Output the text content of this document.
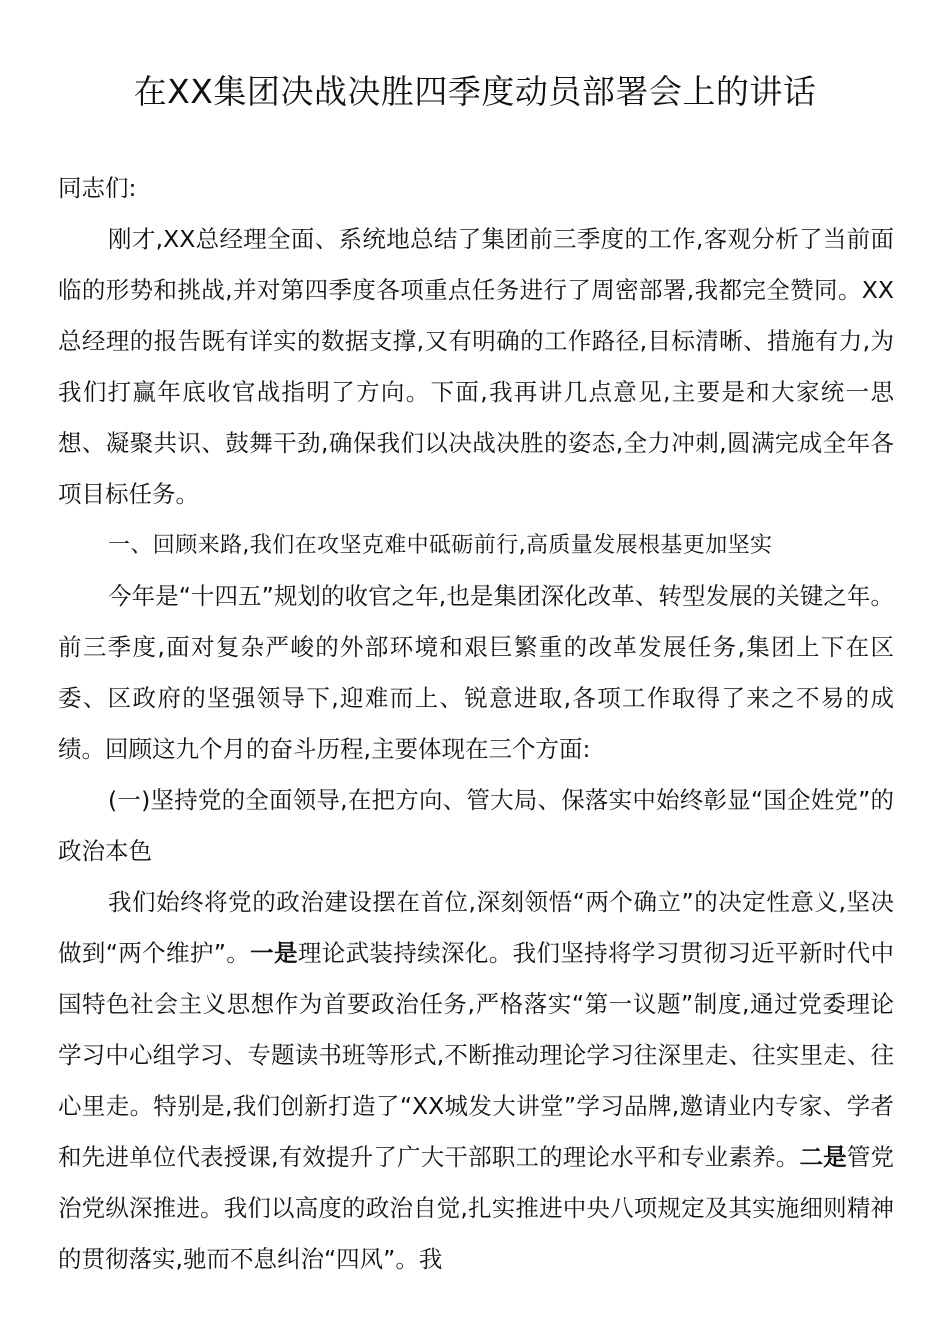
在XX集团决战决胜四季度动员部署会上的讲话

同志们:

刚才,XX总经理全面、系统地总结了集团前三季度的工作,客观分析了当前面临的形势和挑战,并对第四季度各项重点任务进行了周密部署,我都完全赞同。XX总经理的报告既有详实的数据支撑,又有明确的工作路径,目标清晰、措施有力,为我们打赢年底收官战指明了方向。下面,我再讲几点意见,主要是和大家统一思想、凝聚共识、鼓舞干劲,确保我们以决战决胜的姿态,全力冲刺,圆满完成全年各项目标任务。

一、回顾来路,我们在攻坚克难中砥砺前行,高质量发展根基更加坚实

今年是“十四五”规划的收官之年,也是集团深化改革、转型发展的关键之年。前三季度,面对复杂严峻的外部环境和艰巨繁重的改革发展任务,集团上下在区委、区政府的坚强领导下,迎难而上、锐意进取,各项工作取得了来之不易的成绩。回顾这九个月的奋斗历程,主要体现在三个方面:

(一)坚持党的全面领导,在把方向、管大局、保落实中始终彰显“国企姓党”的政治本色

我们始终将党的政治建设摆在首位,深刻领悟“两个确立”的决定性意义,坚决做到“两个维护”。一是理论武装持续深化。我们坚持将学习贯彻习近平新时代中国特色社会主义思想作为首要政治任务,严格落实“第一议题”制度,通过党委理论学习中心组学习、专题读书班等形式,不断推动理论学习往深里走、往实里走、往心里走。特别是,我们创新打造了“XX城发大讲堂”学习品牌,邀请业内专家、学者和先进单位代表授课,有效提升了广大干部职工的理论水平和专业素养。二是管党治党纵深推进。我们以高度的政治自觉,扎实推进中央八项规定及其实施细则精神的贯彻落实,驰而不息纠治“四风”。我
